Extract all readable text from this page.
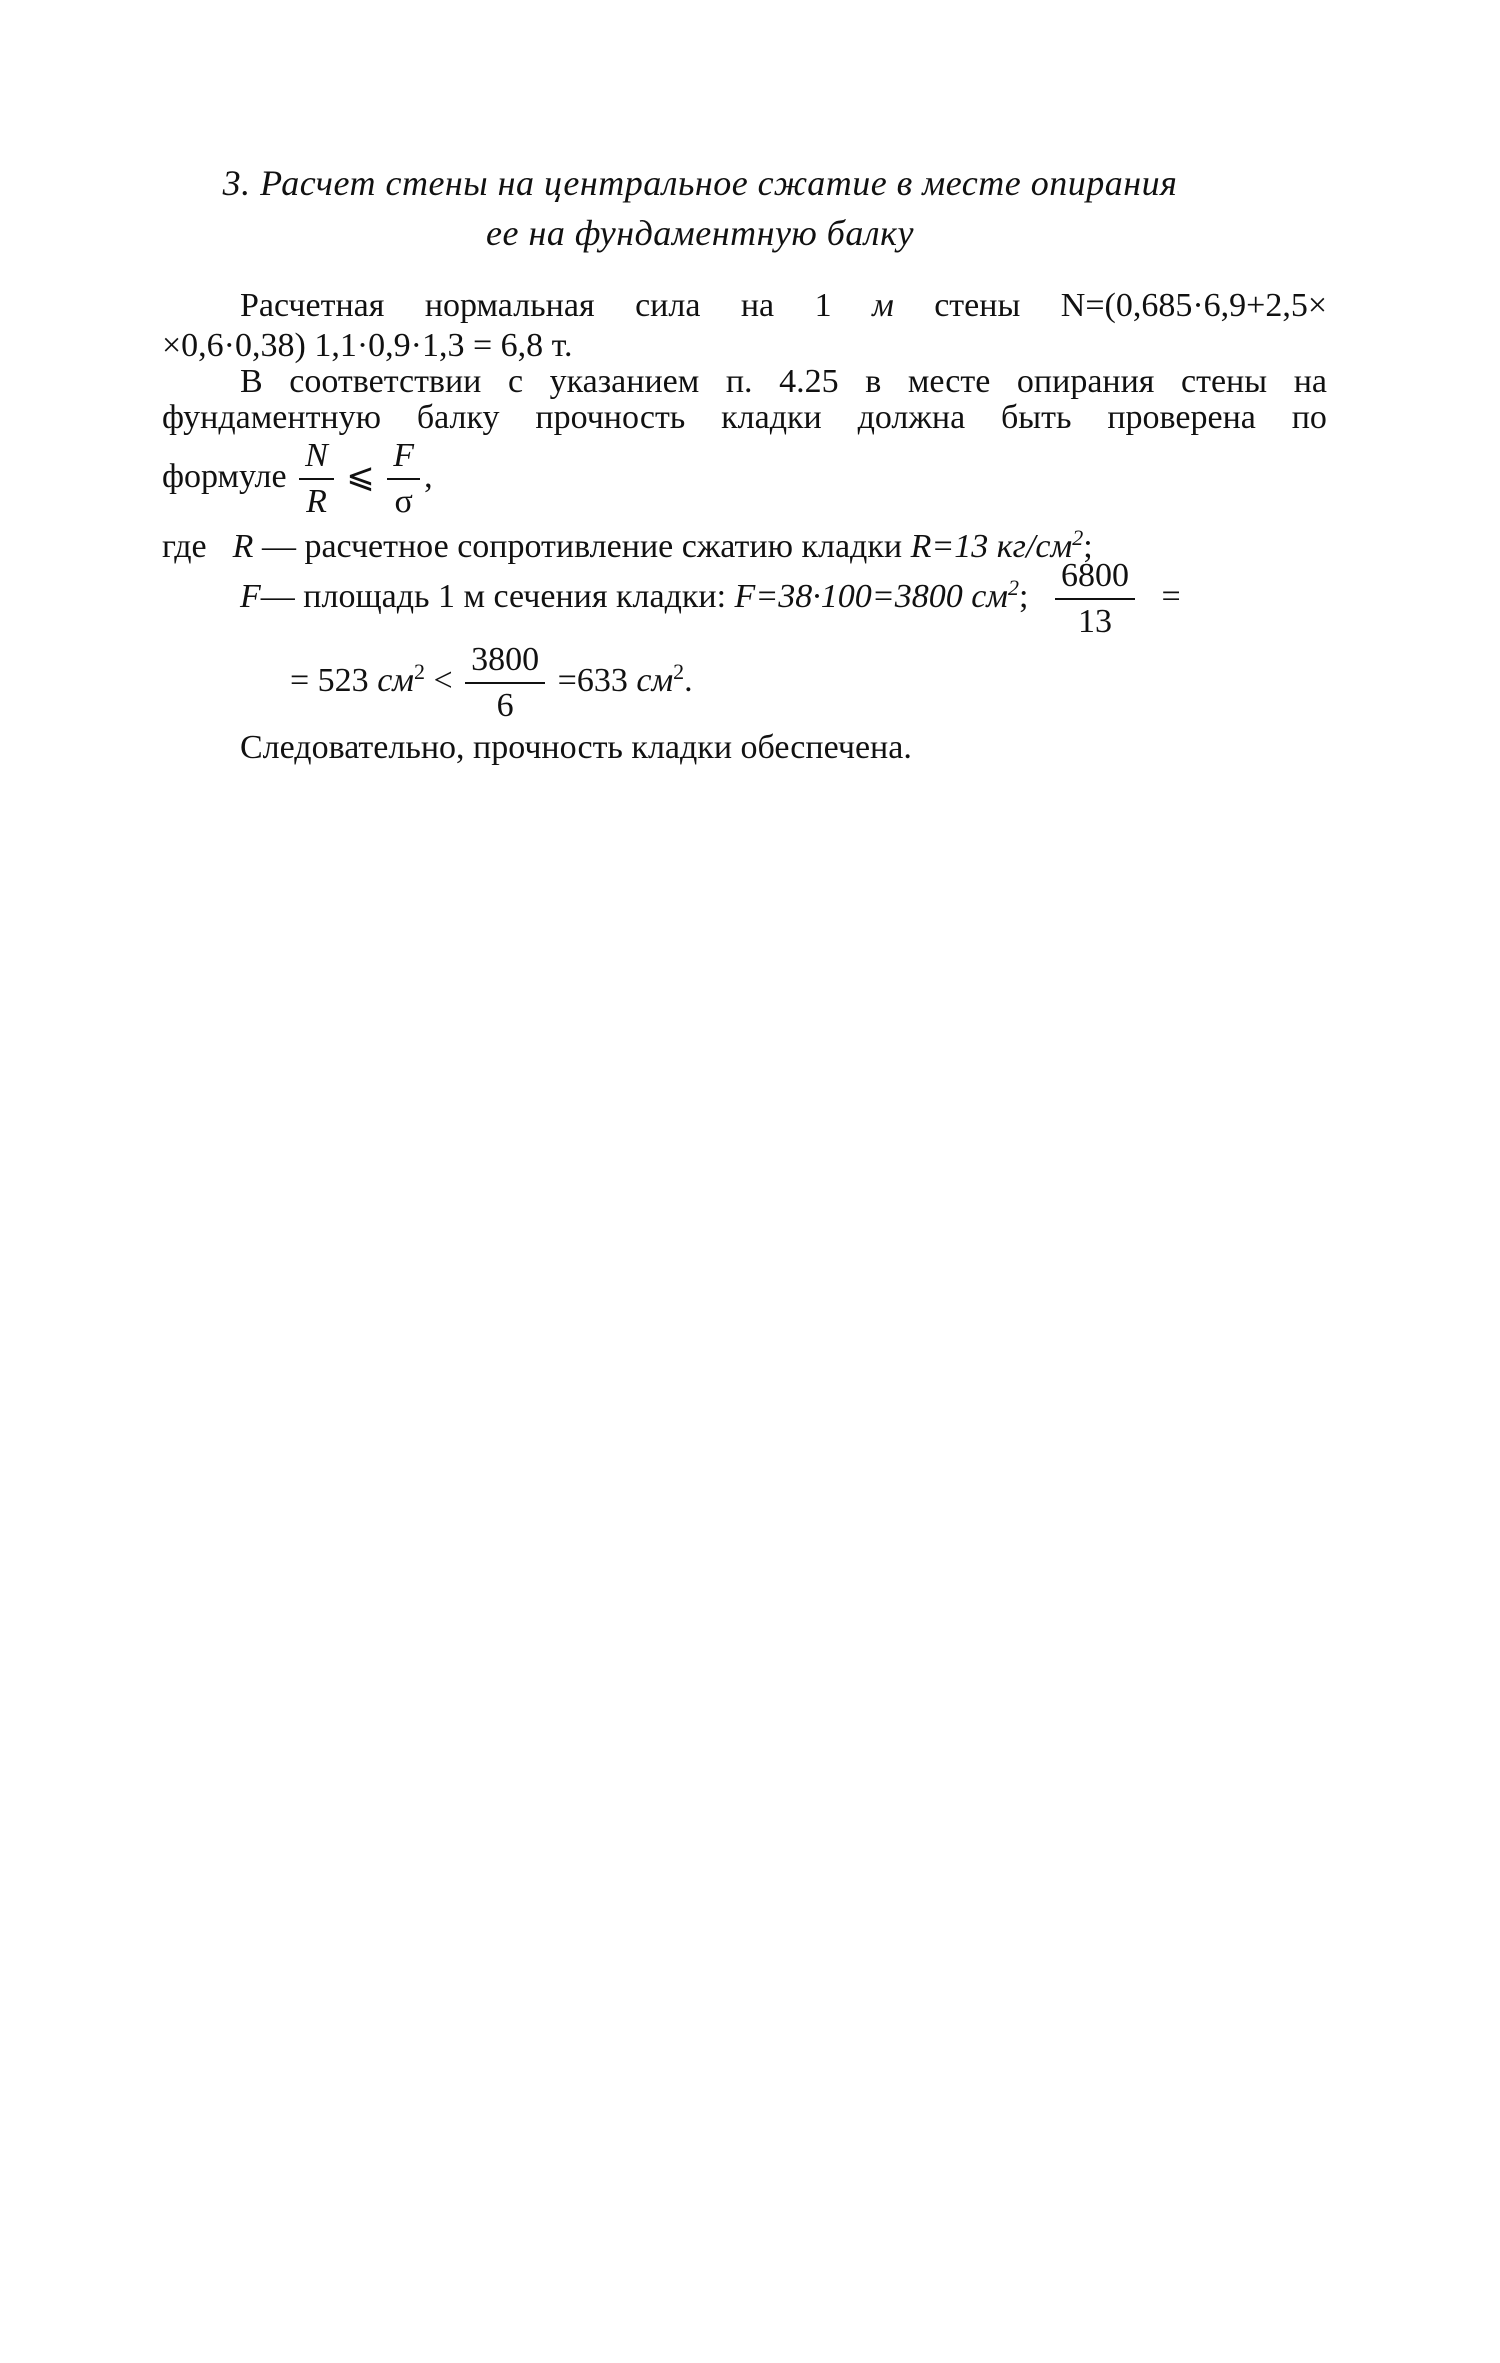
3. Расчет стены на центральное сжатие в месте опирания
ее на фундаментную балку
Расчетная нормальная сила на 1 м стены N=(0,685·6,9+2,5×
×0,6·0,38) 1,1·0,9·1,3 = 6,8 т.
В соответствии с указанием п. 4.25 в месте опирания стены на
фундаментную балку прочность кладки должна быть проверена по
формуле $\frac{N}{R}$ ⩽ $\frac{F}{\sigma}$ ,
где R — расчетное сопротивление сжатию кладки R=13 $кг/см^2$;
F— площадь 1 м сечения кладки: F=38·100=3800 $см^2$; $\frac{6800}{13}$ =
= 523 $см^2 < \frac{3800}{6} =633$ $см^2$.
Следовательно, прочность кладки обеспечена.
